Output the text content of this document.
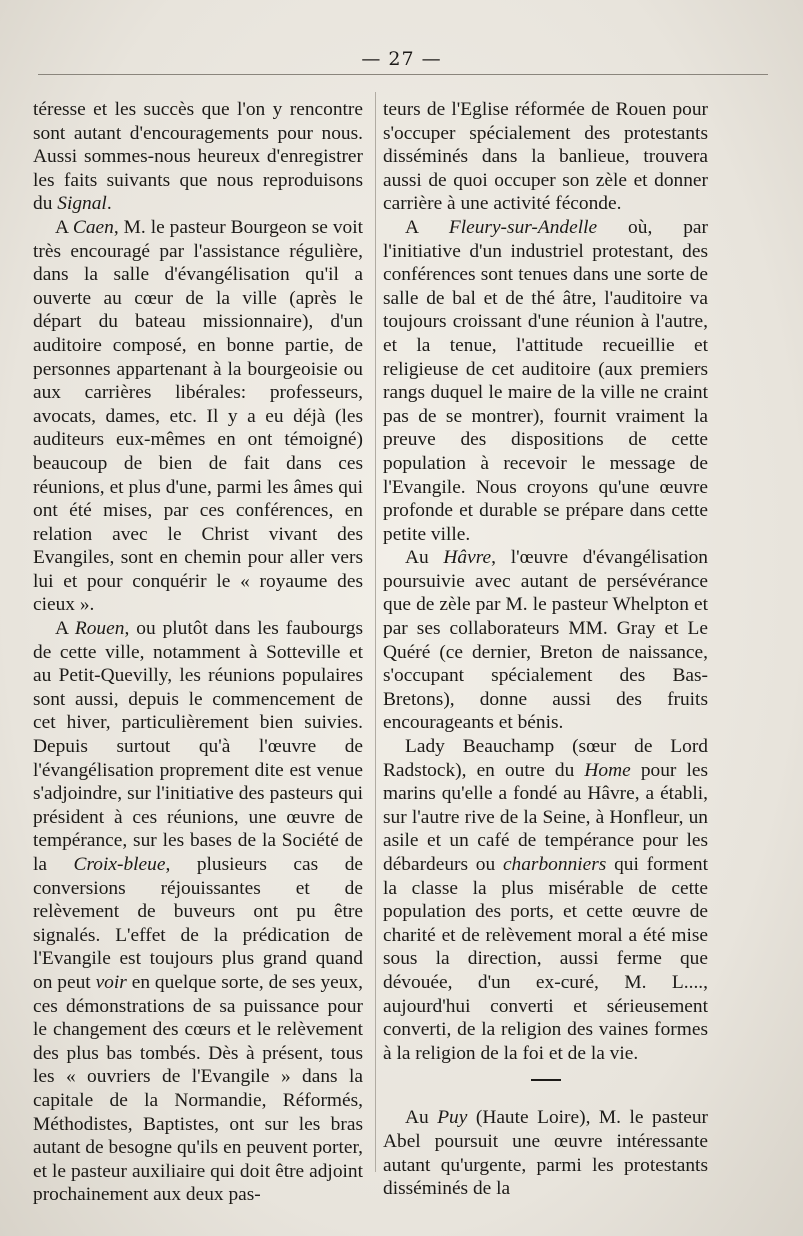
— 27 —

téresse et les succès que l'on y rencontre sont autant d'encouragements pour nous. Aussi sommes-nous heureux d'enregistrer les faits suivants que nous reproduisons du Signal.

A Caen, M. le pasteur Bourgeon se voit très encouragé par l'assistance régulière, dans la salle d'évangélisation qu'il a ouverte au cœur de la ville (après le départ du bateau missionnaire), d'un auditoire composé, en bonne partie, de personnes appartenant à la bourgeoisie ou aux carrières libérales: professeurs, avocats, dames, etc. Il y a eu déjà (les auditeurs eux-mêmes en ont témoigné) beaucoup de bien de fait dans ces réunions, et plus d'une, parmi les âmes qui ont été mises, par ces conférences, en relation avec le Christ vivant des Evangiles, sont en chemin pour aller vers lui et pour conquérir le « royaume des cieux ».

A Rouen, ou plutôt dans les faubourgs de cette ville, notamment à Sotteville et au Petit-Quevilly, les réunions populaires sont aussi, depuis le commencement de cet hiver, particulièrement bien suivies. Depuis surtout qu'à l'œuvre de l'évangélisation proprement dite est venue s'adjoindre, sur l'initiative des pasteurs qui président à ces réunions, une œuvre de tempérance, sur les bases de la Société de la Croix-bleue, plusieurs cas de conversions réjouissantes et de relèvement de buveurs ont pu être signalés. L'effet de la prédication de l'Evangile est toujours plus grand quand on peut voir en quelque sorte, de ses yeux, ces démonstrations de sa puissance pour le changement des cœurs et le relèvement des plus bas tombés. Dès à présent, tous les « ouvriers de l'Evangile » dans la capitale de la Normandie, Réformés, Méthodistes, Baptistes, ont sur les bras autant de besogne qu'ils en peuvent porter, et le pasteur auxiliaire qui doit être adjoint prochainement aux deux pas-

teurs de l'Eglise réformée de Rouen pour s'occuper spécialement des protestants disséminés dans la banlieue, trouvera aussi de quoi occuper son zèle et donner carrière à une activité féconde.

A Fleury-sur-Andelle où, par l'initiative d'un industriel protestant, des conférences sont tenues dans une sorte de salle de bal et de thé âtre, l'auditoire va toujours croissant d'une réunion à l'autre, et la tenue, l'attitude recueillie et religieuse de cet auditoire (aux premiers rangs duquel le maire de la ville ne craint pas de se montrer), fournit vraiment la preuve des dispositions de cette population à recevoir le message de l'Evangile. Nous croyons qu'une œuvre profonde et durable se prépare dans cette petite ville.

Au Hâvre, l'œuvre d'évangélisation poursuivie avec autant de persévérance que de zèle par M. le pasteur Whelpton et par ses collaborateurs MM. Gray et Le Quéré (ce dernier, Breton de naissance, s'occupant spécialement des Bas-Bretons), donne aussi des fruits encourageants et bénis.

Lady Beauchamp (sœur de Lord Radstock), en outre du Home pour les marins qu'elle a fondé au Hâvre, a établi, sur l'autre rive de la Seine, à Honfleur, un asile et un café de tempérance pour les débardeurs ou charbonniers qui forment la classe la plus misérable de cette population des ports, et cette œuvre de charité et de relèvement moral a été mise sous la direction, aussi ferme que dévouée, d'un ex-curé, M. L...., aujourd'hui converti et sérieusement converti, de la religion des vaines formes à la religion de la foi et de la vie.

Au Puy (Haute Loire), M. le pasteur Abel poursuit une œuvre intéressante autant qu'urgente, parmi les protestants disséminés de la
